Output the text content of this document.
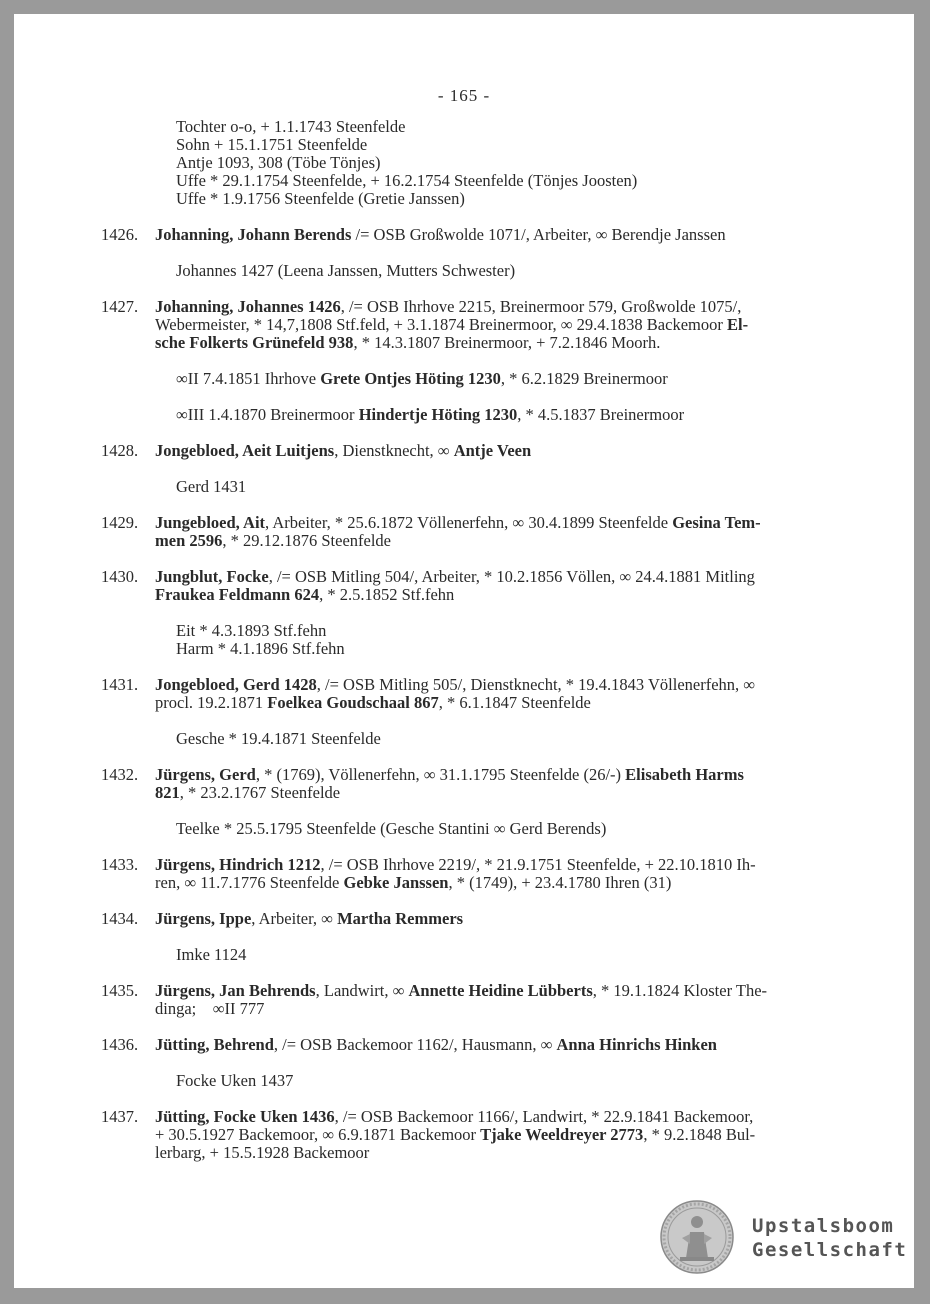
- 165 -
Tochter o-o, + 1.1.1743 Steenfelde
Sohn + 15.1.1751 Steenfelde
Antje 1093, 308 (Töbe Tönjes)
Uffe * 29.1.1754 Steenfelde, + 16.2.1754 Steenfelde (Tönjes Joosten)
Uffe * 1.9.1756 Steenfelde (Gretie Janssen)
1426. Johanning, Johann Berends /= OSB Großwolde 1071/, Arbeiter, ∞ Berendje Janssen
Johannes 1427 (Leena Janssen, Mutters Schwester)
1427. Johanning, Johannes 1426, /= OSB Ihrhove 2215, Breinermoor 579, Großwolde 1075/,
Webermeister, * 14,7,1808 Stf.feld, + 3.1.1874 Breinermoor, ∞ 29.4.1838 Backemoor El-
sche Folkerts Grünefeld 938, * 14.3.1807 Breinermoor, + 7.2.1846 Moorh.
∞II 7.4.1851 Ihrhove Grete Ontjes Höting 1230, * 6.2.1829 Breinermoor
∞III 1.4.1870 Breinermoor Hindertje Höting 1230, * 4.5.1837 Breinermoor
1428. Jongebloed, Aeit Luitjens, Dienstknecht, ∞ Antje Veen
Gerd 1431
1429. Jungebloed, Ait, Arbeiter, * 25.6.1872 Völlenerfehn, ∞ 30.4.1899 Steenfelde Gesina Tem-
men 2596, * 29.12.1876 Steenfelde
1430. Jungblut, Focke, /= OSB Mitling 504/, Arbeiter, * 10.2.1856 Völlen, ∞ 24.4.1881 Mitling
Fraukea Feldmann 624, * 2.5.1852 Stf.fehn
Eit * 4.3.1893 Stf.fehn
Harm * 4.1.1896 Stf.fehn
1431. Jongebloed, Gerd 1428, /= OSB Mitling 505/, Dienstknecht, * 19.4.1843 Völlenerfehn, ∞
procl. 19.2.1871 Foelkea Goudschaal 867, * 6.1.1847 Steenfelde
Gesche * 19.4.1871 Steenfelde
1432. Jürgens, Gerd, * (1769), Völlenerfehn, ∞ 31.1.1795 Steenfelde (26/-) Elisabeth Harms
821, * 23.2.1767 Steenfelde
Teelke * 25.5.1795 Steenfelde (Gesche Stantini ∞ Gerd Berends)
1433. Jürgens, Hindrich 1212, /= OSB Ihrhove 2219/, * 21.9.1751 Steenfelde, + 22.10.1810 Ih-
ren, ∞ 11.7.1776 Steenfelde Gebke Janssen, * (1749), + 23.4.1780 Ihren (31)
1434. Jürgens, Ippe, Arbeiter, ∞ Martha Remmers
Imke 1124
1435. Jürgens, Jan Behrends, Landwirt, ∞ Annette Heidine Lübberts, * 19.1.1824 Kloster The-
dinga;    ∞II 777
1436. Jütting, Behrend, /= OSB Backemoor 1162/, Hausmann, ∞ Anna Hinrichs Hinken
Focke Uken 1437
1437. Jütting, Focke Uken 1436, /= OSB Backemoor 1166/, Landwirt, * 22.9.1841 Backemoor,
+ 30.5.1927 Backemoor, ∞ 6.9.1871 Backemoor Tjake Weeldreyer 2773, * 9.2.1848 Bul-
lerbarg, + 15.5.1928 Backemoor
Upstalsboom
Gesellschaft
